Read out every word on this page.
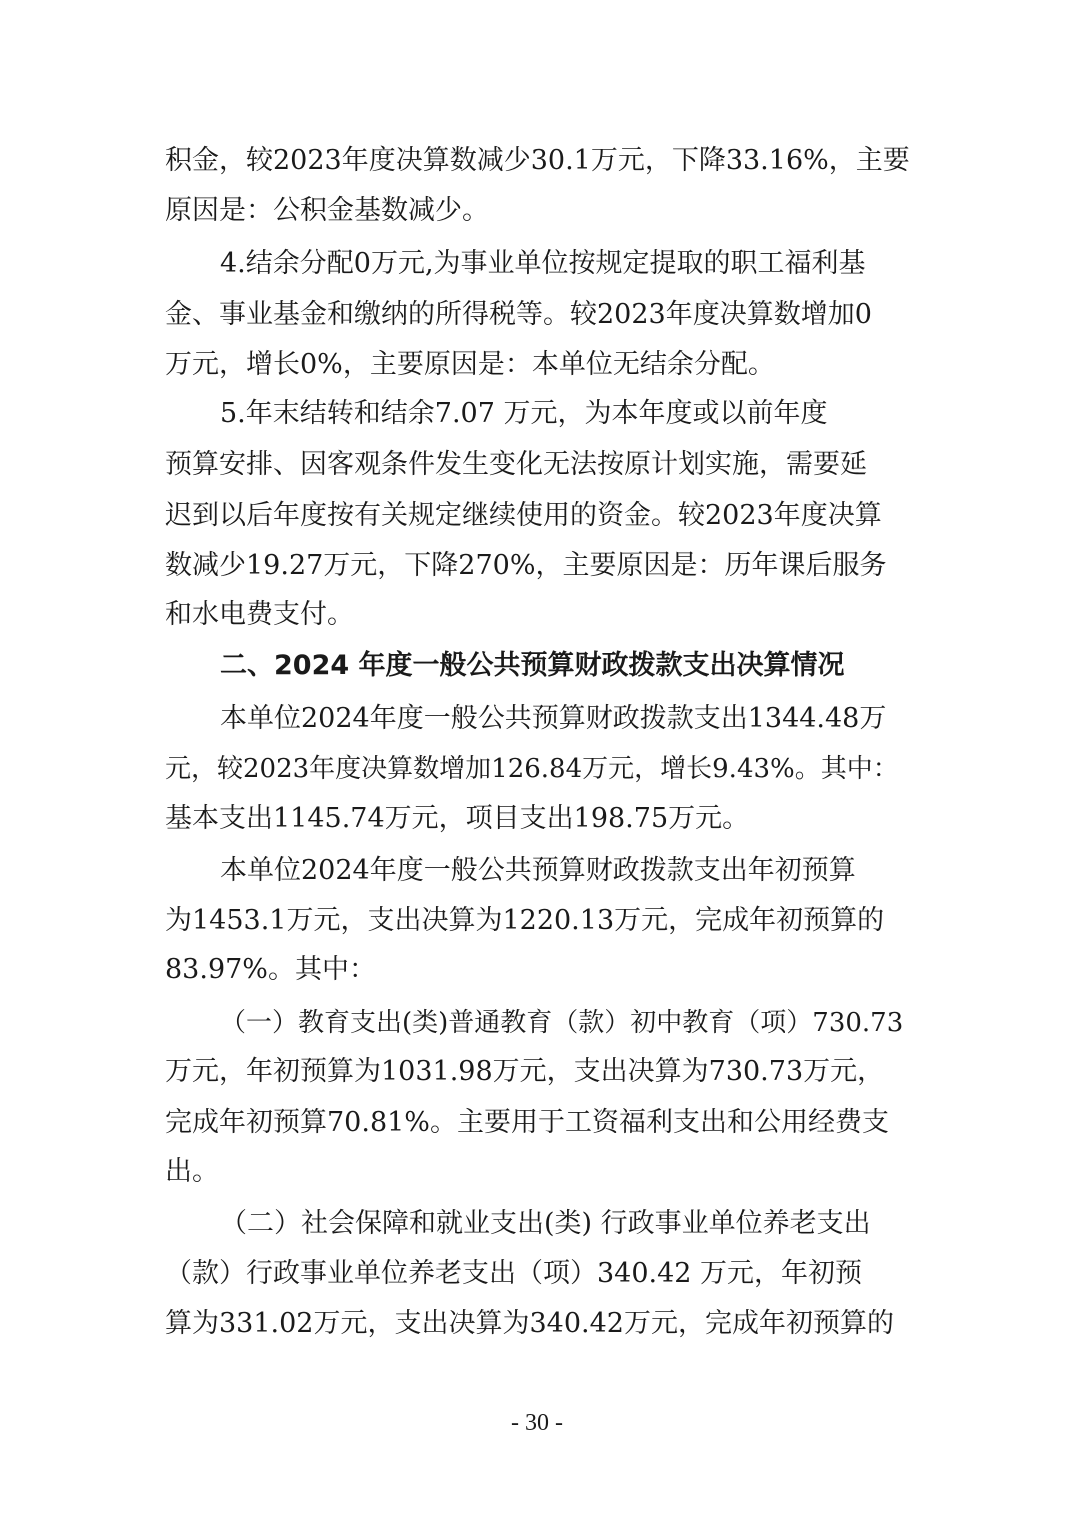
积金，较2023年度决算数减少30.1万元，下降33.16%，主要
原因是：公积金基数减少。
4.结余分配0万元,为事业单位按规定提取的职工福利基
金、事业基金和缴纳的所得税等。较2023年度决算数增加0
万元，增长0%，主要原因是：本单位无结余分配。
5.年末结转和结余7.07 万元，为本年度或以前年度
预算安排、因客观条件发生变化无法按原计划实施，需要延
迟到以后年度按有关规定继续使用的资金。较2023年度决算
数减少19.27万元，下降270%，主要原因是：历年课后服务
和水电费支付。
二、2024 年度一般公共预算财政拨款支出决算情况
本单位2024年度一般公共预算财政拨款支出1344.48万
元，较2023年度决算数增加126.84万元，增长9.43%。其中：
基本支出1145.74万元，项目支出198.75万元。
本单位2024年度一般公共预算财政拨款支出年初预算
为1453.1万元，支出决算为1220.13万元，完成年初预算的
83.97%。其中：
（一）教育支出(类)普通教育（款）初中教育（项）730.73
万元，年初预算为1031.98万元，支出决算为730.73万元，
完成年初预算70.81%。主要用于工资福利支出和公用经费支
出。
（二）社会保障和就业支出(类) 行政事业单位养老支出
（款）行政事业单位养老支出（项）340.42 万元，年初预
算为331.02万元，支出决算为340.42万元，完成年初预算的
- 30 -
